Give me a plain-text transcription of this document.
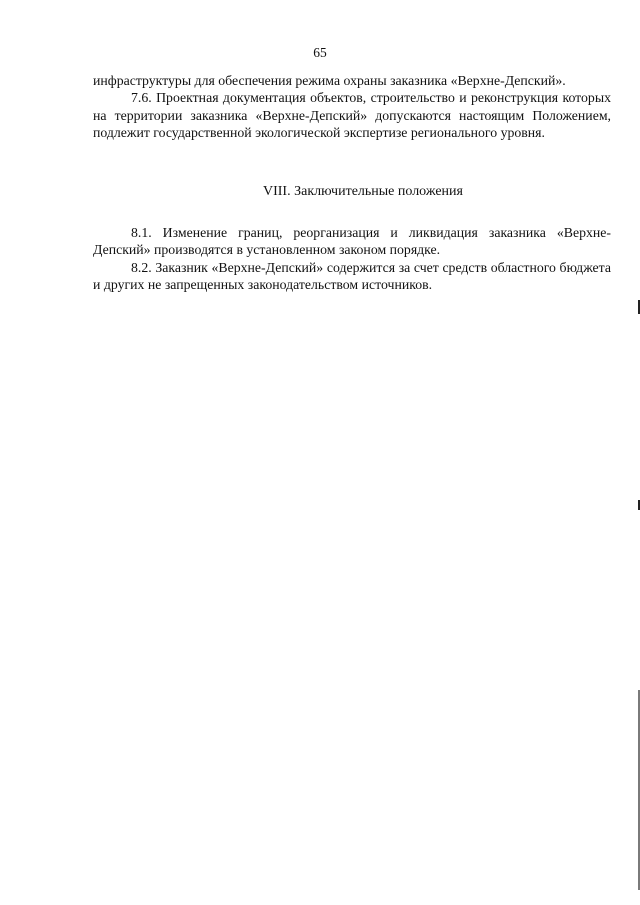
65

инфраструктуры для обеспечения режима охраны заказника «Верхне-Депский».

7.6. Проектная документация объектов, строительство и реконструкция которых на территории заказника «Верхне-Депский» допускаются настоящим Положением, подлежит государственной экологической экспертизе регионального уровня.

VIII. Заключительные положения

8.1. Изменение границ, реорганизация и ликвидация заказника «Верхне-Депский» производятся в установленном законом порядке.

8.2. Заказник «Верхне-Депский» содержится за счет средств областного бюджета и других не запрещенных законодательством источников.
